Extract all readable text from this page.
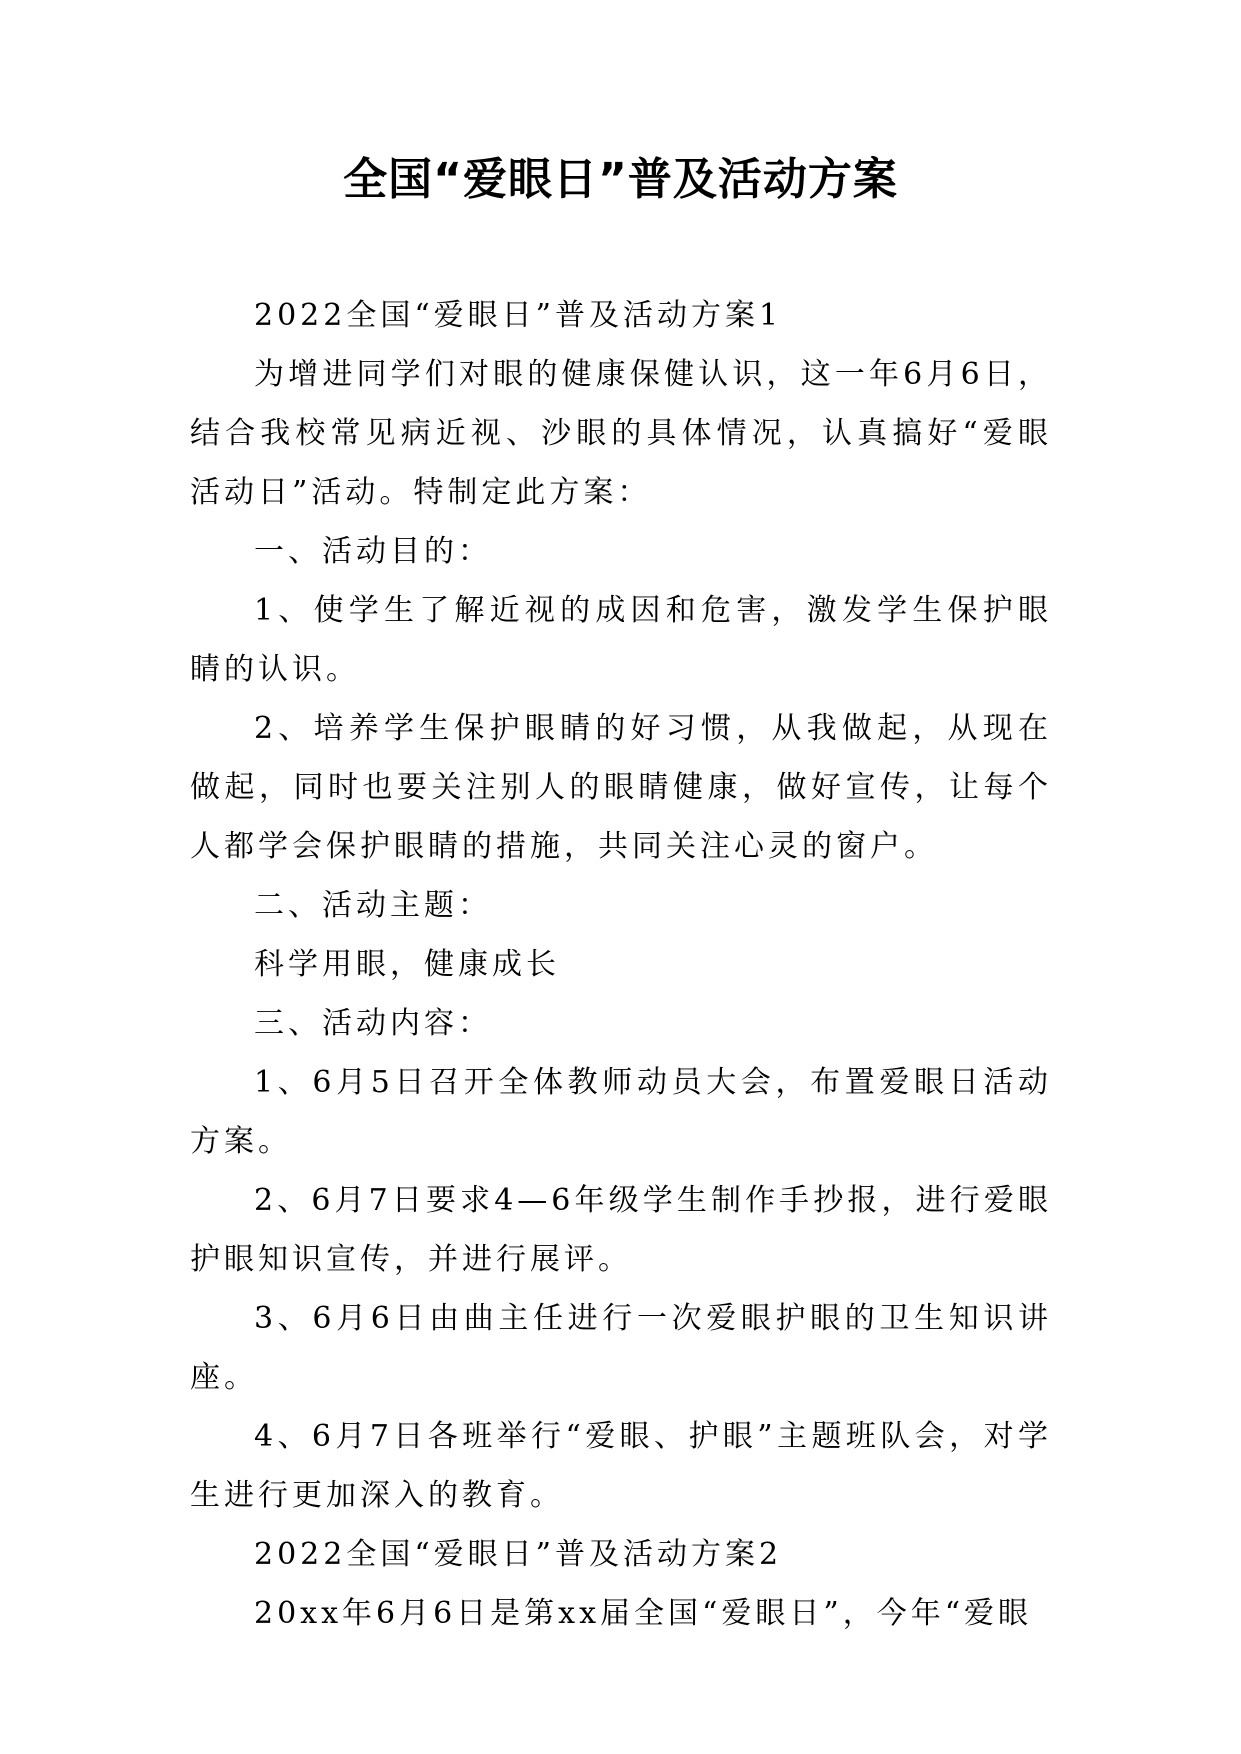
全国“爱眼日”普及活动方案

2022全国“爱眼日”普及活动方案1

为增进同学们对眼的健康保健认识，这一年6月6日，结合我校常见病近视、沙眼的具体情况，认真搞好“爱眼活动日”活动。特制定此方案：

一、活动目的：

1、使学生了解近视的成因和危害，激发学生保护眼睛的认识。

2、培养学生保护眼睛的好习惯，从我做起，从现在做起，同时也要关注别人的眼睛健康，做好宣传，让每个人都学会保护眼睛的措施，共同关注心灵的窗户。

二、活动主题：

科学用眼，健康成长

三、活动内容：

1、6月5日召开全体教师动员大会，布置爱眼日活动方案。

2、6月7日要求4—6年级学生制作手抄报，进行爱眼护眼知识宣传，并进行展评。

3、6月6日由曲主任进行一次爱眼护眼的卫生知识讲座。

4、6月7日各班举行“爱眼、护眼”主题班队会，对学生进行更加深入的教育。

2022全国“爱眼日”普及活动方案2

20xx年6月6日是第xx届全国“爱眼日”，今年“爱眼
